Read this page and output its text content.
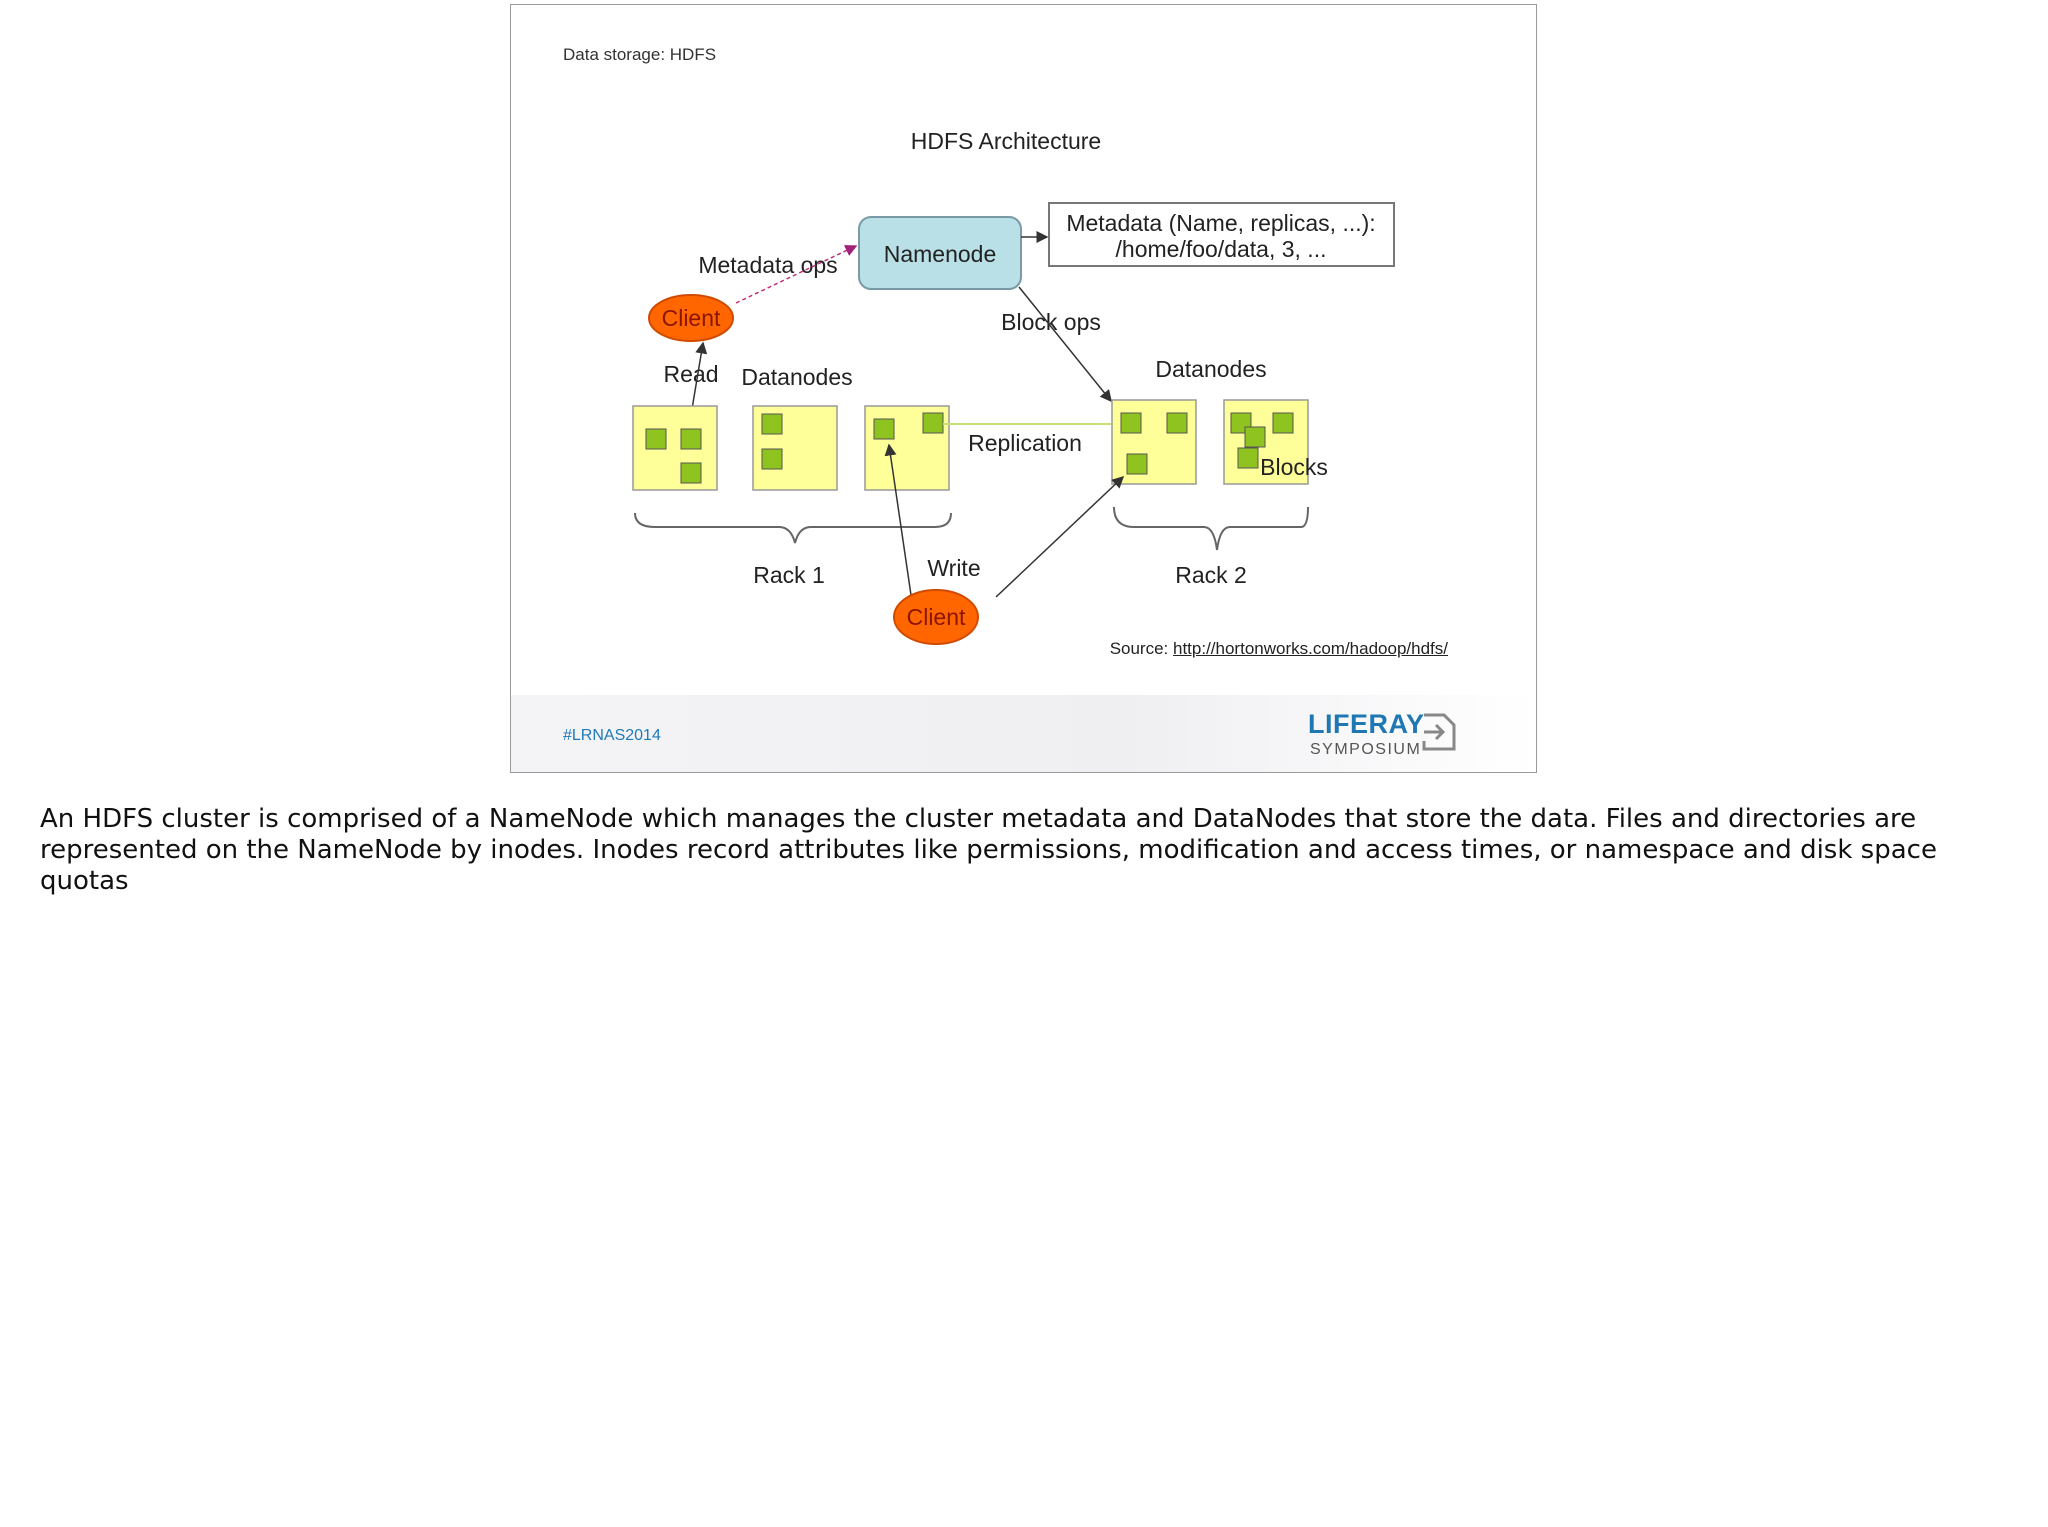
Data storage: HDFS
HDFS Architecture
Namenode
Metadata (Name, replicas, ...):
/home/foo/data, 3, ...
Metadata ops
Client
Read
Block ops
Datanodes	Datanodes
Replication
Blocks
Rack 1	Rack 2
Write
Client
Source: http://hortonworks.com/hadoop/hdfs/
#LRNAS2014	LIFERAY
SYMPOSIUM
An HDFS cluster is comprised of a NameNode which manages the cluster metadata and DataNodes that store the data. Files and directories are represented on the NameNode by inodes. Inodes record attributes like permissions, modification and access times, or namespace and disk space quotas
